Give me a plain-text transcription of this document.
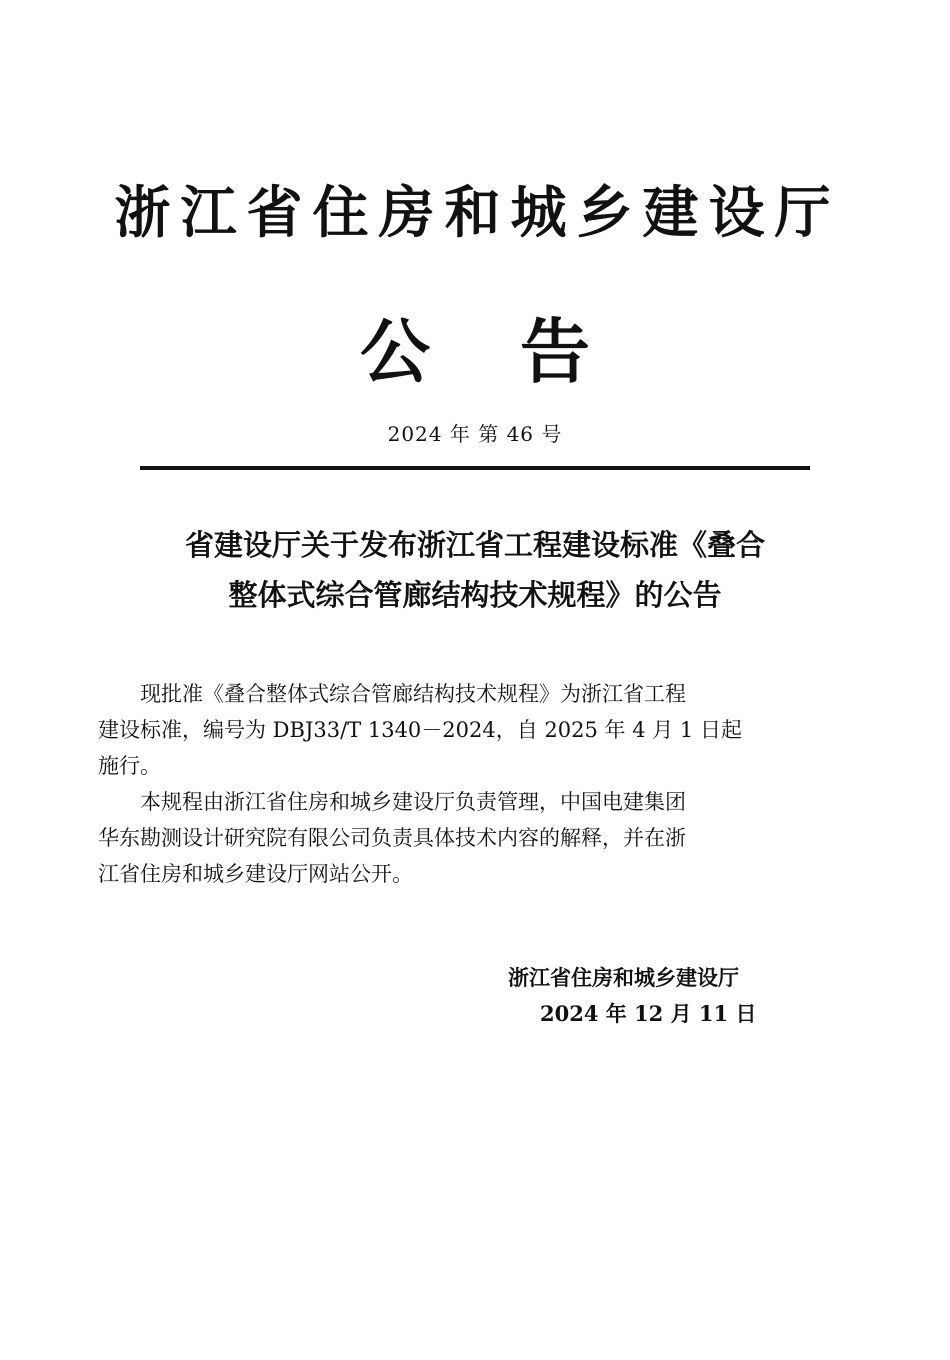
浙江省住房和城乡建设厅
公 告
2024 年 第 46 号
省建设厅关于发布浙江省工程建设标准《叠合
整体式综合管廊结构技术规程》的公告

现批准《叠合整体式综合管廊结构技术规程》为浙江省工程
建设标准，编号为 DBJ33/T 1340－2024，自 2025 年 4 月 1 日起
施行。

本规程由浙江省住房和城乡建设厅负责管理，中国电建集团
华东勘测设计研究院有限公司负责具体技术内容的解释，并在浙
江省住房和城乡建设厅网站公开。

浙江省住房和城乡建设厅
2024 年 12 月 11 日
